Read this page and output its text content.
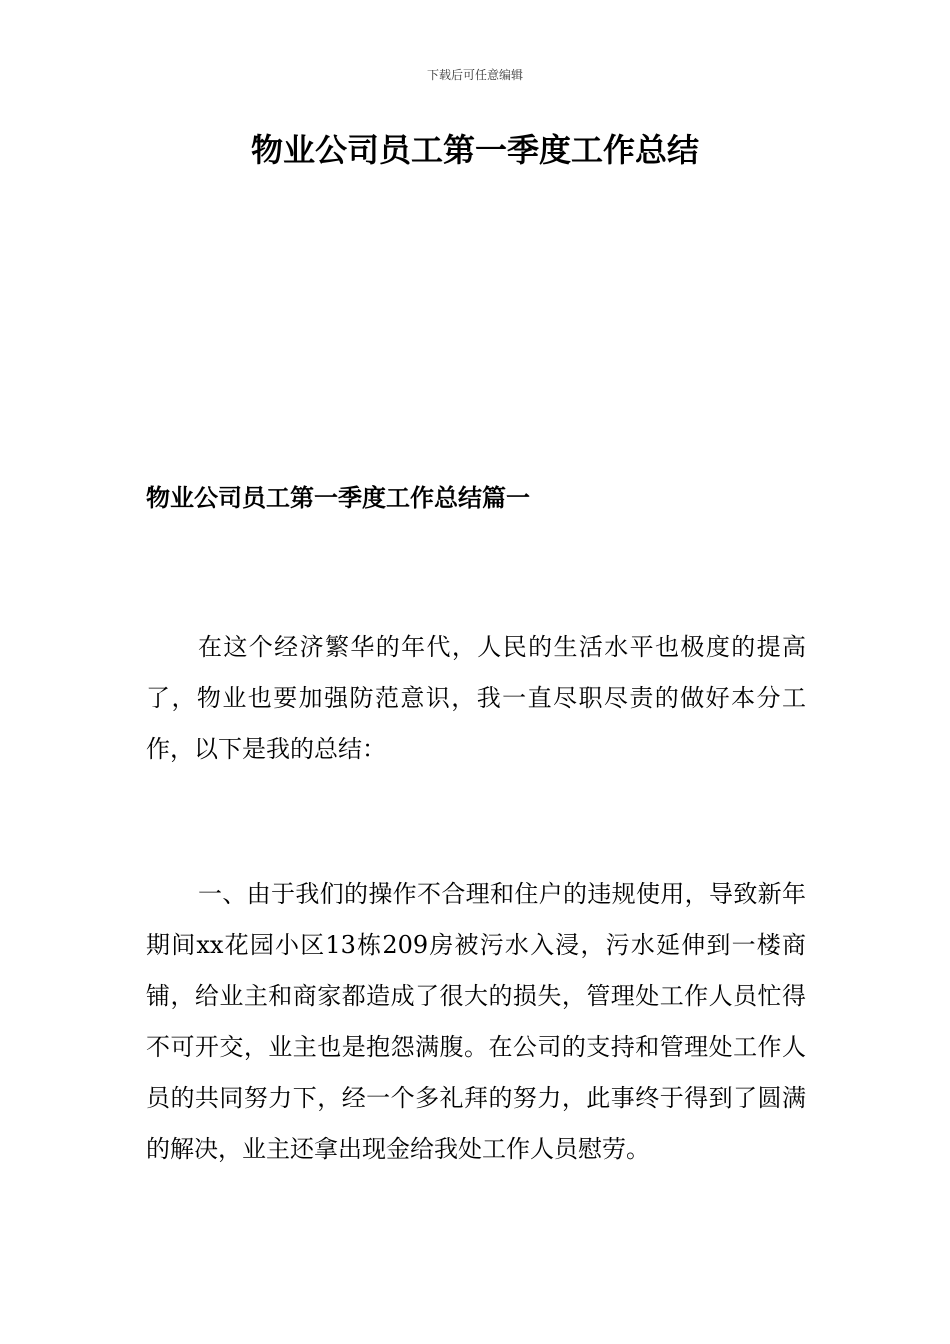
下载后可任意编辑
物业公司员工第一季度工作总结
物业公司员工第一季度工作总结篇一

在这个经济繁华的年代，人民的生活水平也极度的提高了，物业也要加强防范意识，我一直尽职尽责的做好本分工作，以下是我的总结：

一、由于我们的操作不合理和住户的违规使用，导致新年期间xx花园小区13栋209房被污水入浸，污水延伸到一楼商铺，给业主和商家都造成了很大的损失，管理处工作人员忙得不可开交，业主也是抱怨满腹。在公司的支持和管理处工作人员的共同努力下，经一个多礼拜的努力，此事终于得到了圆满的解决，业主还拿出现金给我处工作人员慰劳。
